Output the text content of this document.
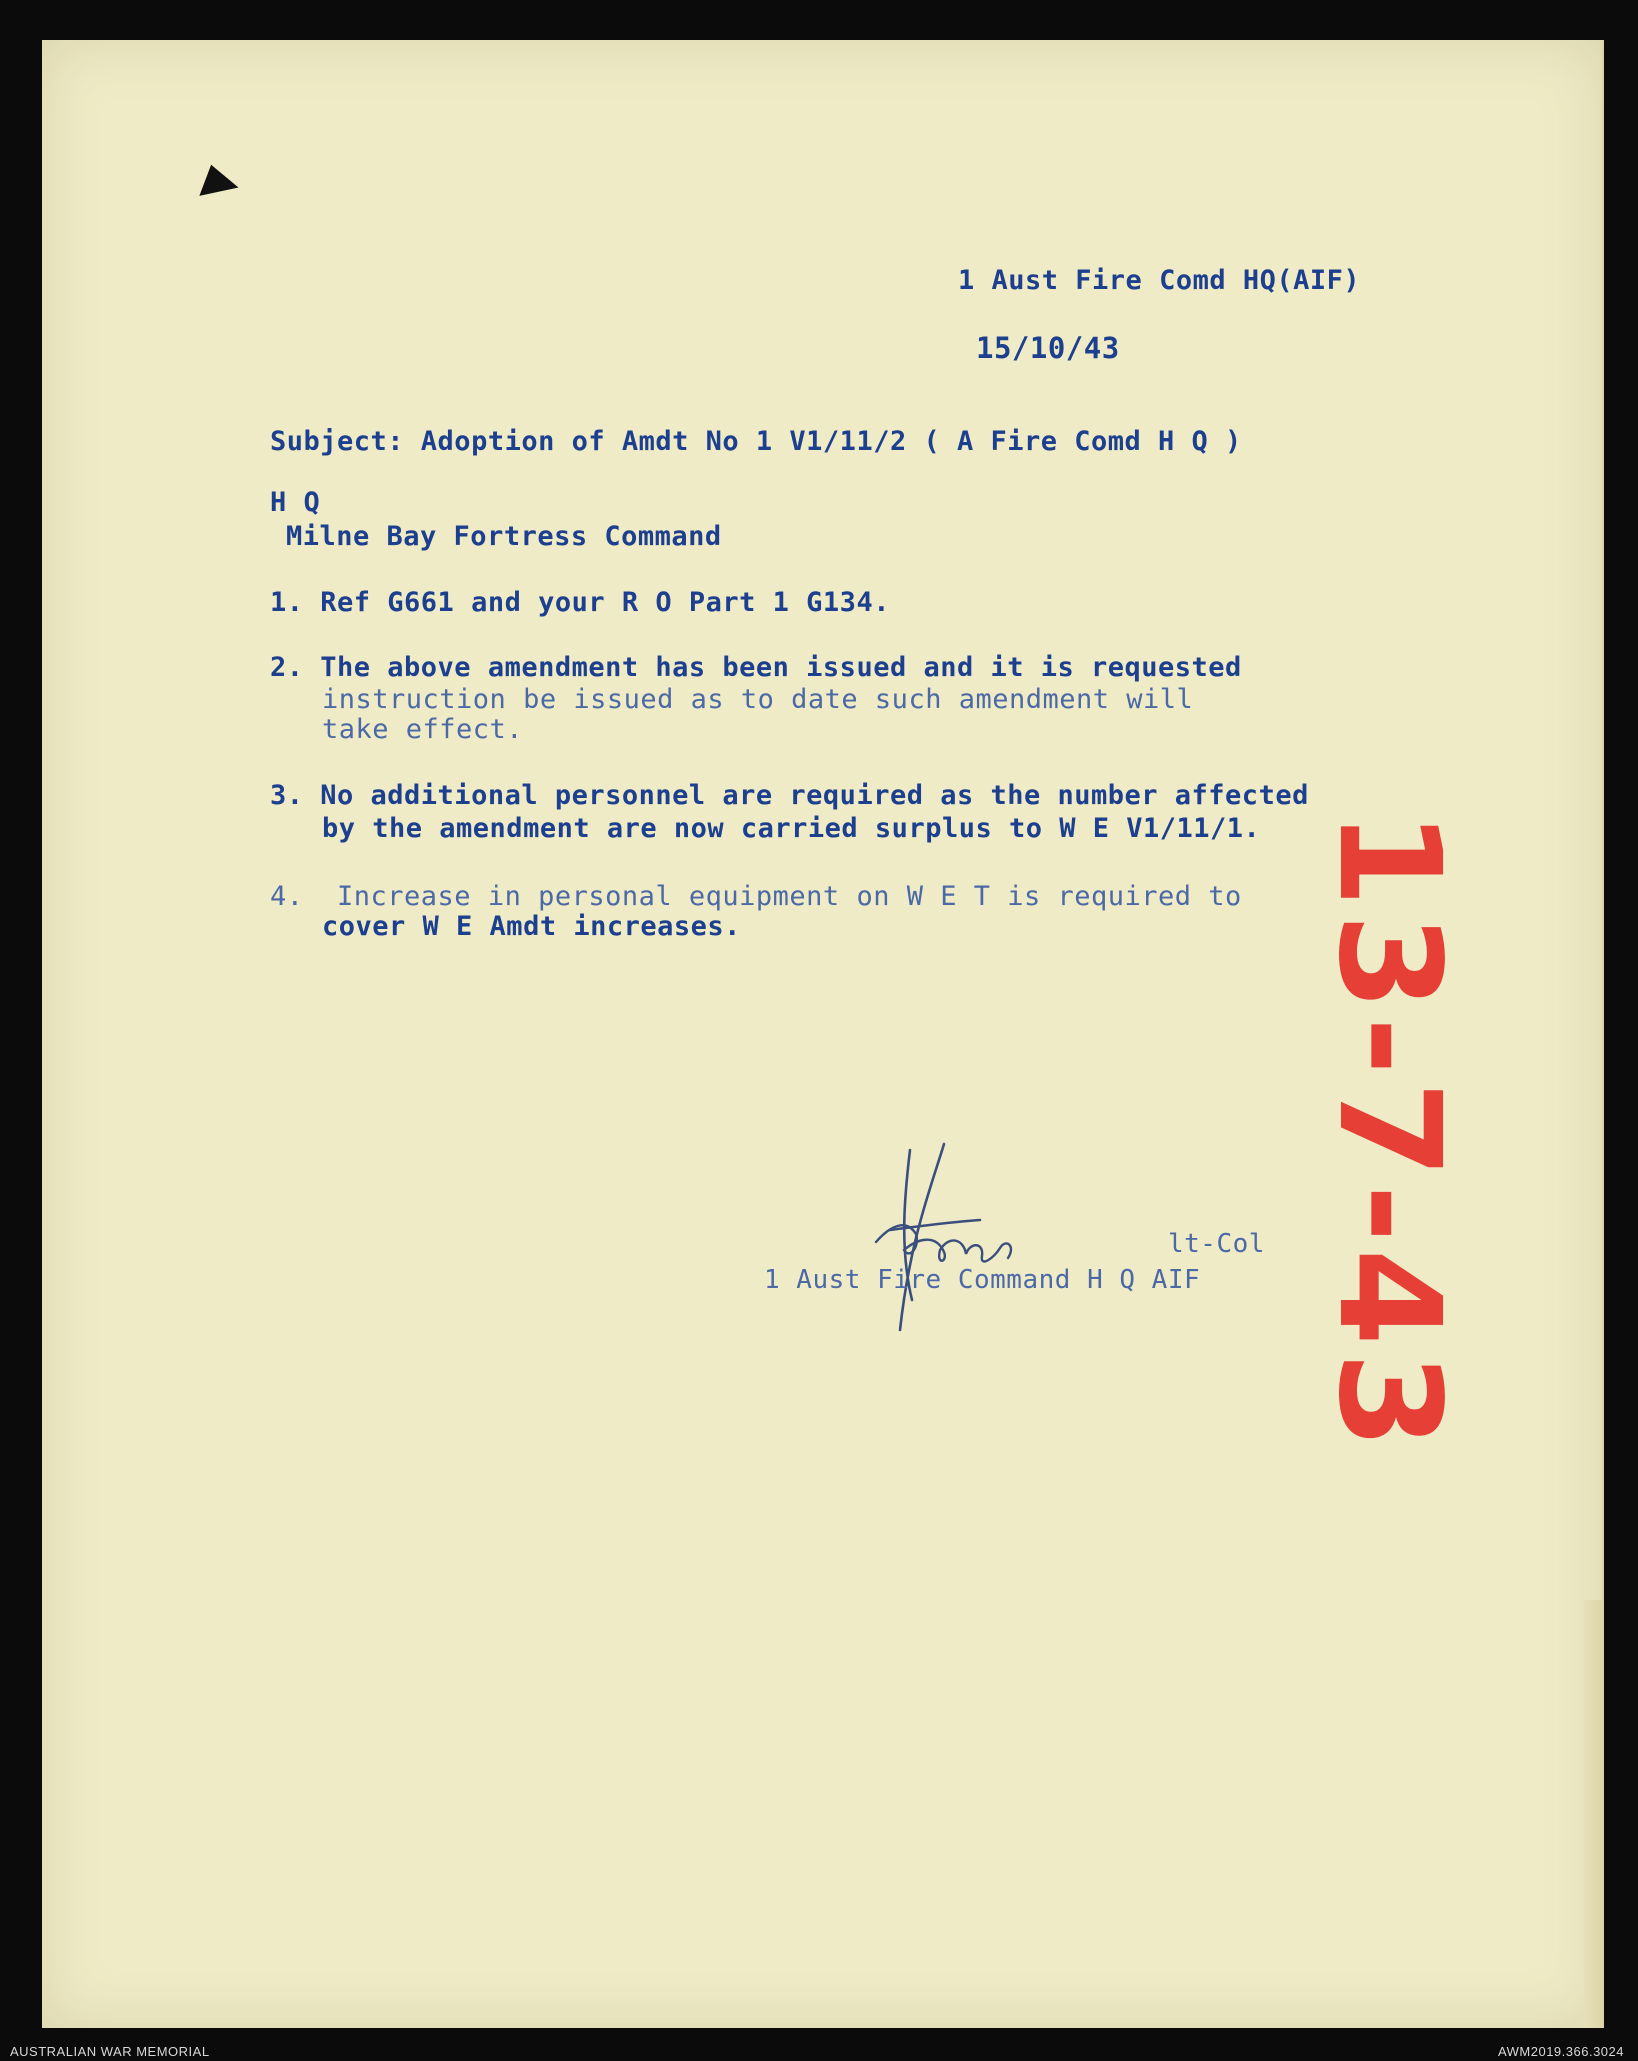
1 Aust Fire Comd HQ(AIF)
15/10/43
Subject: Adoption of Amdt No 1 V1/11/2 ( A Fire Comd H Q )
H Q
Milne Bay Fortress Command
1. Ref G661 and your R O Part 1 G134.
2. The above amendment has been issued and it is requested
instruction be issued as to date such amendment will
take effect.
3. No additional personnel are required as the number affected
by the amendment are now carried surplus to W E V1/11/1.
4.  Increase in personal equipment on W E T is required to
cover W E Amdt increases.
lt-Col
1 Aust Fire Command H Q AIF 13-7-43
AUSTRALIAN WAR MEMORIAL	AWM2019.366.3024
